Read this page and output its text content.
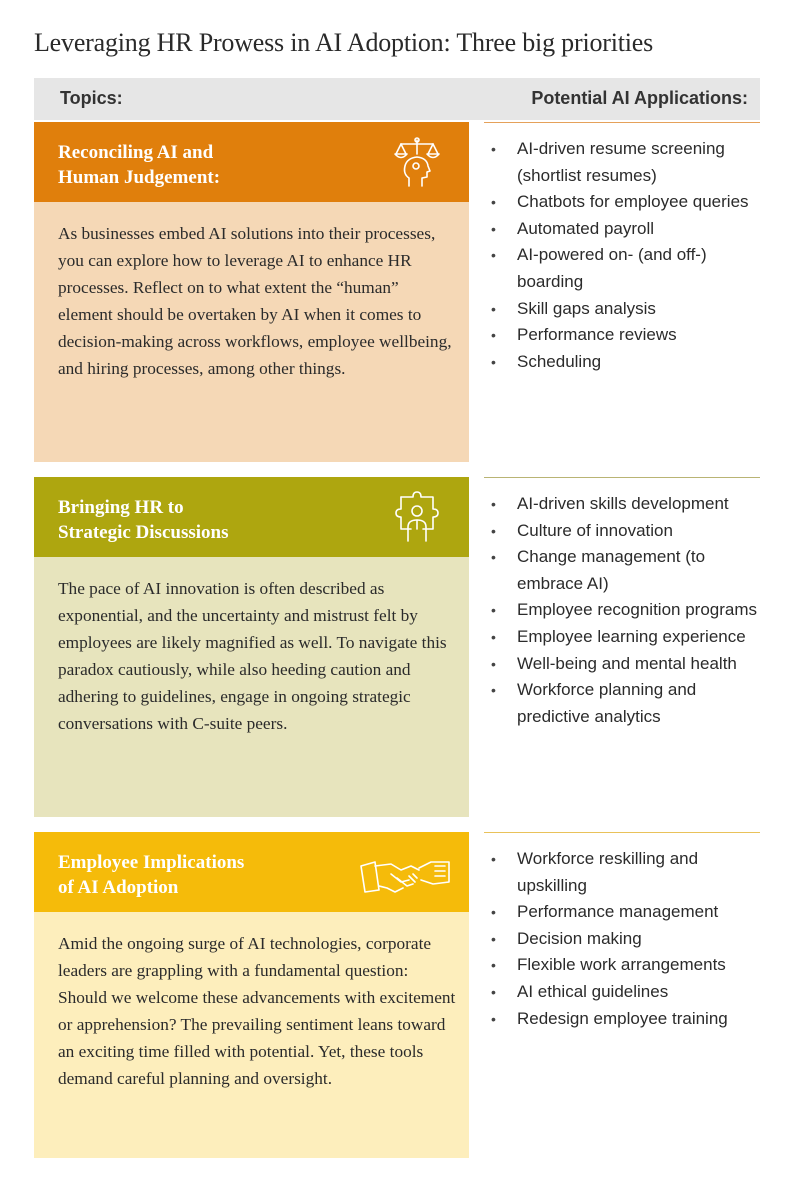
Leveraging HR Prowess in AI Adoption: Three big priorities
Topics:	Potential AI Applications:
Reconciling AI and
Human Judgement:
As businesses embed AI solutions into their processes, you can explore how to leverage AI to enhance HR processes. Reflect on to what extent the “human” element should be overtaken by AI when it comes to decision-making across workflows, employee wellbeing, and hiring processes, among other things.
• AI-driven resume screening (shortlist resumes)
• Chatbots for employee queries
• Automated payroll
• AI-powered on- (and off-) boarding
• Skill gaps analysis
• Performance reviews
• Scheduling
Bringing HR to
Strategic Discussions
The pace of AI innovation is often described as exponential, and the uncertainty and mistrust felt by employees are likely magnified as well. To navigate this paradox cautiously, while also heeding caution and adhering to guidelines, engage in ongoing strategic conversations with C-suite peers.
• AI-driven skills development
• Culture of innovation
• Change management (to embrace AI)
• Employee recognition programs
• Employee learning experience
• Well-being and mental health
• Workforce planning and predictive analytics
Employee Implications
of AI Adoption
Amid the ongoing surge of AI technologies, corporate leaders are grappling with a fundamental question: Should we welcome these advancements with excitement or apprehension? The prevailing sentiment leans toward an exciting time filled with potential. Yet, these tools demand careful planning and oversight.
• Workforce reskilling and upskilling
• Performance management
• Decision making
• Flexible work arrangements
• AI ethical guidelines
• Redesign employee training
